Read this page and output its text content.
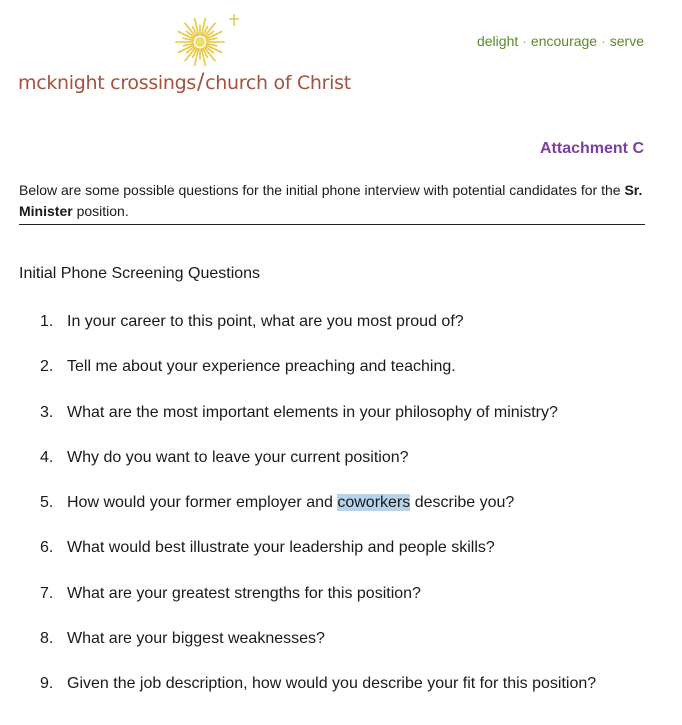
mcknight crossings/church of Christ
delight · encourage · serve
Attachment C
Below are some possible questions for the initial phone interview with potential candidates for the Sr. Minister position.
Initial Phone Screening Questions
1. In your career to this point, what are you most proud of?
2. Tell me about your experience preaching and teaching.
3. What are the most important elements in your philosophy of ministry?
4. Why do you want to leave your current position?
5. How would your former employer and coworkers describe you?
6. What would best illustrate your leadership and people skills?
7. What are your greatest strengths for this position?
8. What are your biggest weaknesses?
9. Given the job description, how would you describe your fit for this position?
